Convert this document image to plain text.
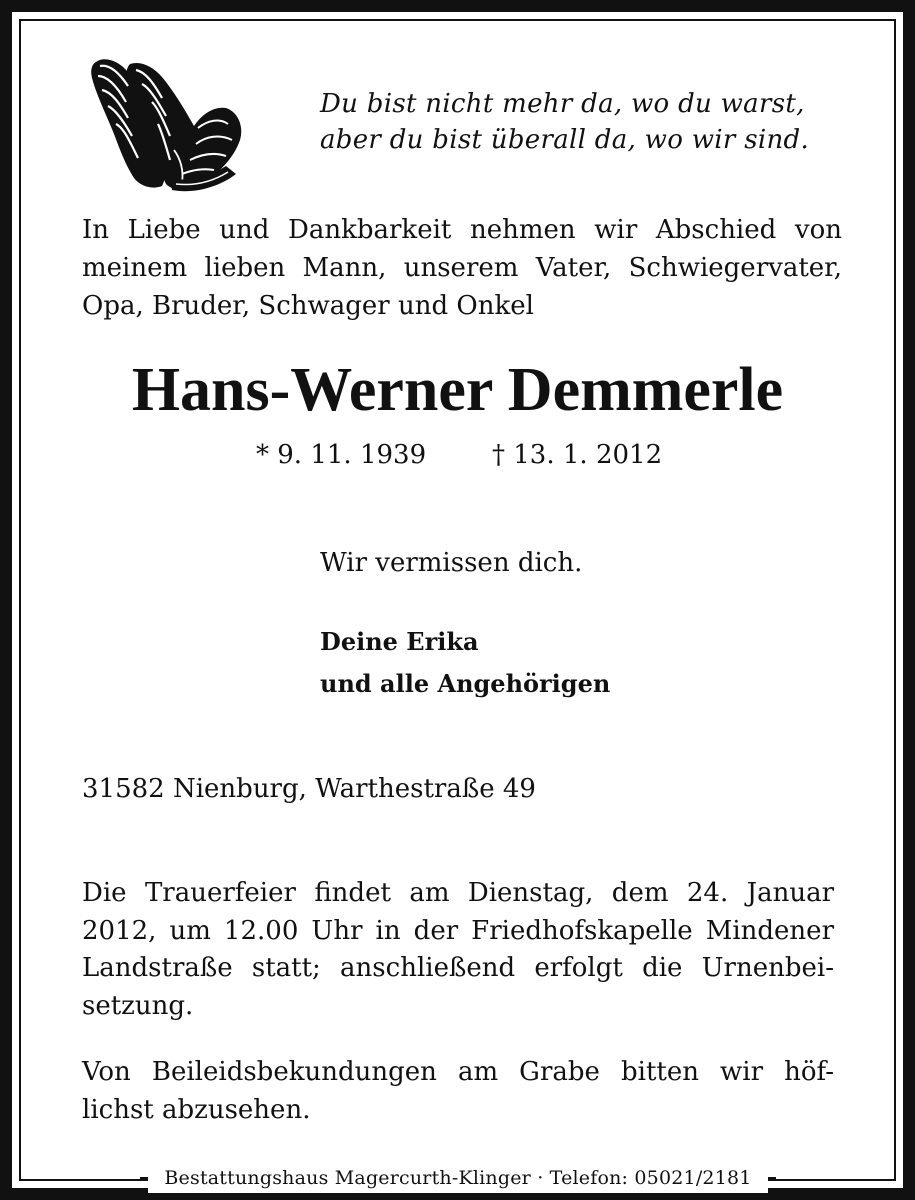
Du bist nicht mehr da, wo du warst,
aber du bist überall da, wo wir sind.
In Liebe und Dankbarkeit nehmen wir Abschied von
meinem lieben Mann, unserem Vater, Schwiegervater,
Opa, Bruder, Schwager und Onkel
Hans-Werner Demmerle
* 9. 11. 1939	† 13. 1. 2012
Wir vermissen dich.
Deine Erika
und alle Angehörigen
31582 Nienburg, Warthestraße 49
Die Trauerfeier findet am Dienstag, dem 24. Januar
2012, um 12.00 Uhr in der Friedhofskapelle Mindener
Landstraße statt; anschließend erfolgt die Urnenbei-
setzung.
Von Beileidsbekundungen am Grabe bitten wir höf-
lichst abzusehen.
Bestattungshaus Magercurth-Klinger · Telefon: 05021/2181
